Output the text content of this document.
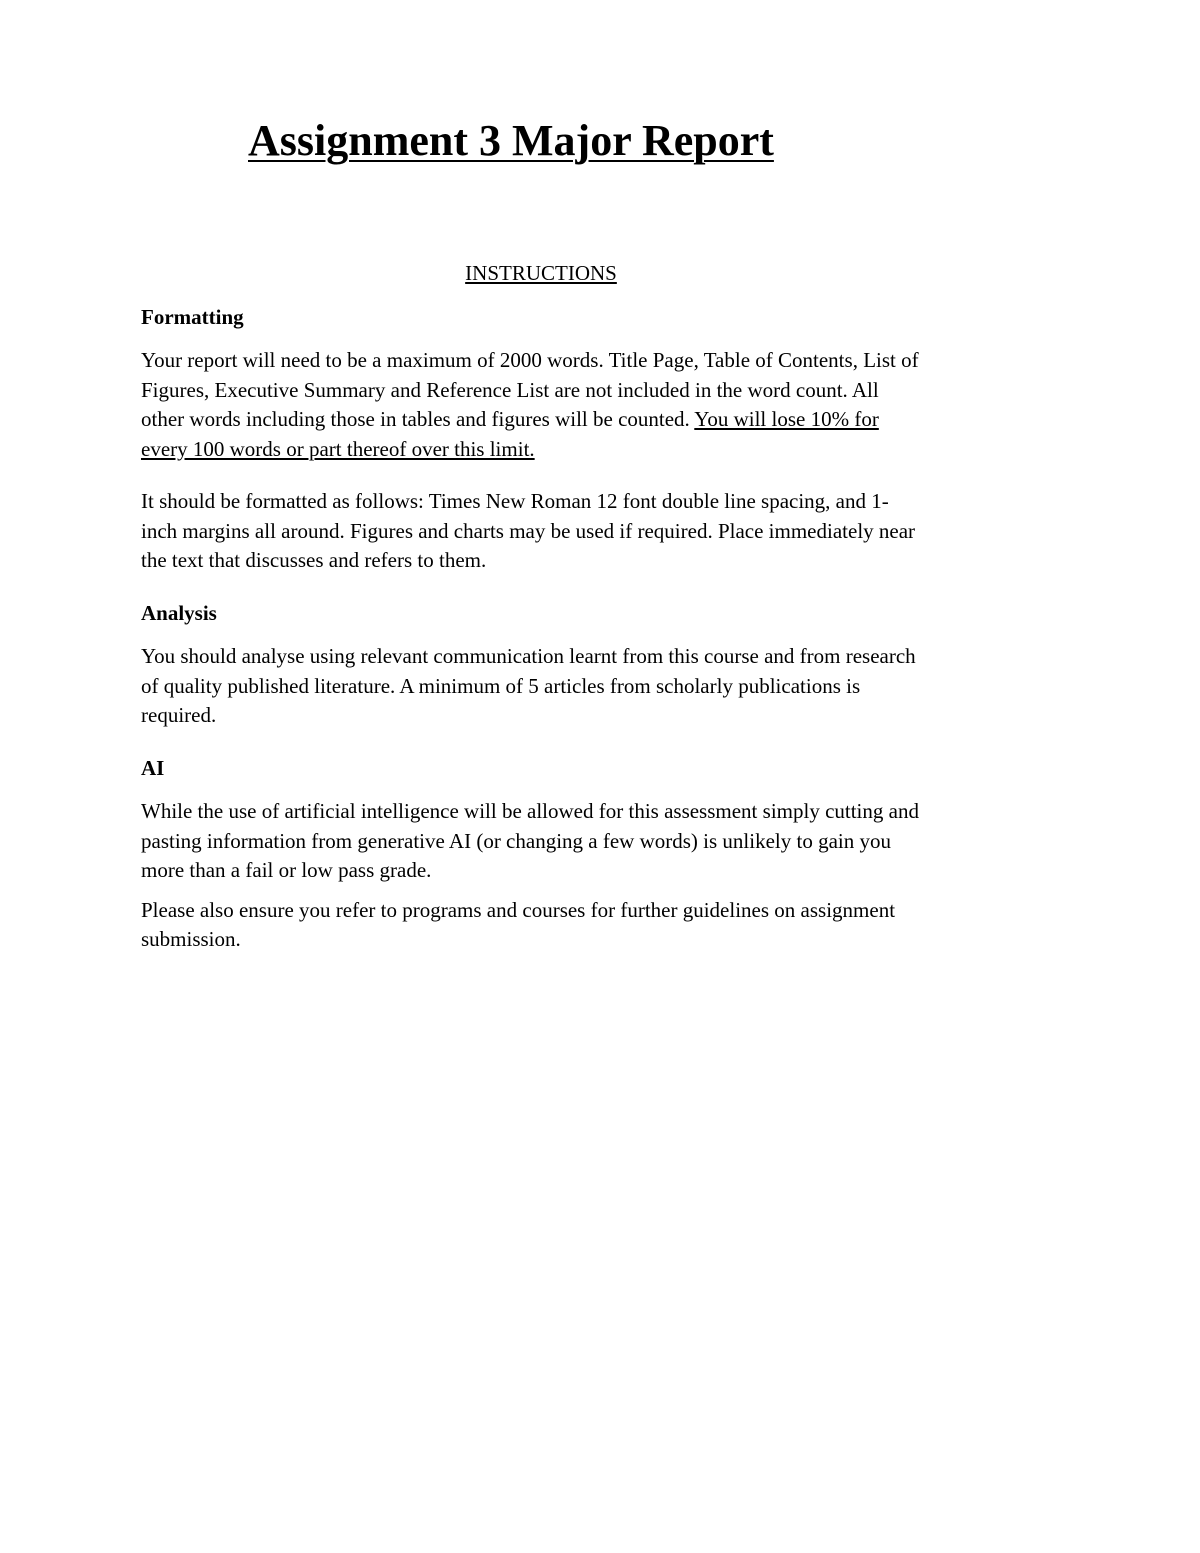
Assignment 3 Major Report
INSTRUCTIONS
Formatting

Your report will need to be a maximum of 2000 words. Title Page, Table of Contents, List of Figures, Executive Summary and Reference List are not included in the word count. All other words including those in tables and figures will be counted. You will lose 10% for every 100 words or part thereof over this limit.

It should be formatted as follows: Times New Roman 12 font double line spacing, and 1-inch margins all around. Figures and charts may be used if required. Place immediately near the text that discusses and refers to them.

Analysis

You should analyse using relevant communication learnt from this course and from research of quality published literature. A minimum of 5 articles from scholarly publications is required.

AI

While the use of artificial intelligence will be allowed for this assessment simply cutting and pasting information from generative AI (or changing a few words) is unlikely to gain you more than a fail or low pass grade.

Please also ensure you refer to programs and courses for further guidelines on assignment submission.
